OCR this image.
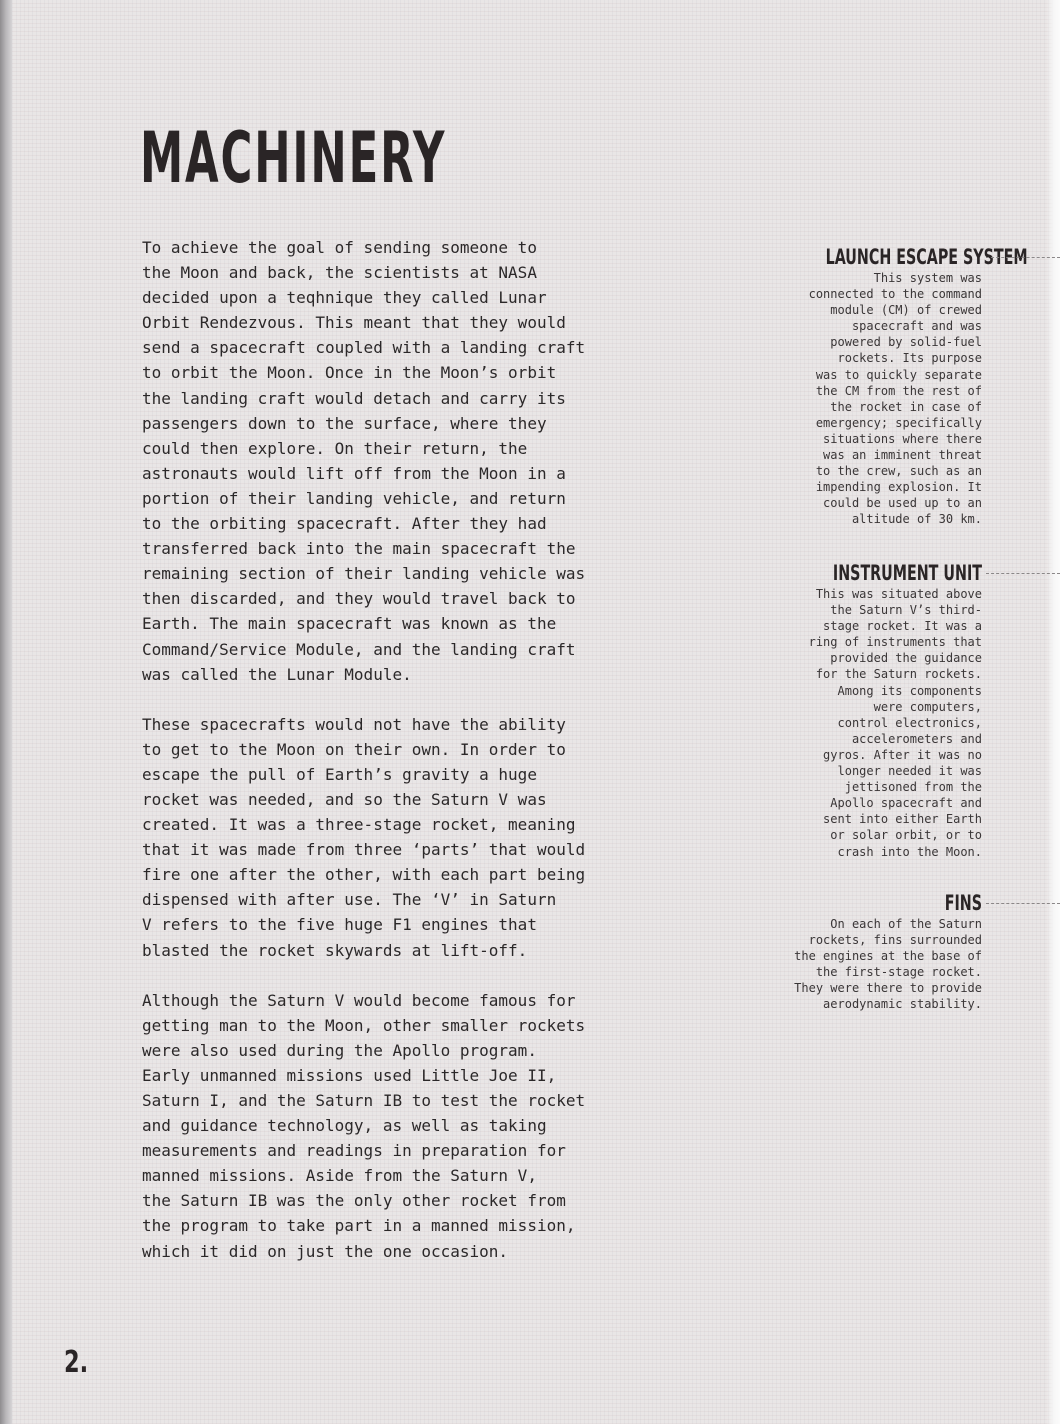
MACHINERY

To achieve the goal of sending someone to
the Moon and back, the scientists at NASA
decided upon a teqhnique they called Lunar
Orbit Rendezvous. This meant that they would
send a spacecraft coupled with a landing craft
to orbit the Moon. Once in the Moon’s orbit
the landing craft would detach and carry its
passengers down to the surface, where they
could then explore. On their return, the
astronauts would lift off from the Moon in a
portion of their landing vehicle, and return
to the orbiting spacecraft. After they had
transferred back into the main spacecraft the
remaining section of their landing vehicle was
then discarded, and they would travel back to
Earth. The main spacecraft was known as the
Command/Service Module, and the landing craft
was called the Lunar Module.

These spacecrafts would not have the ability
to get to the Moon on their own. In order to
escape the pull of Earth’s gravity a huge
rocket was needed, and so the Saturn V was
created. It was a three-stage rocket, meaning
that it was made from three ‘parts’ that would
fire one after the other, with each part being
dispensed with after use. The ‘V’ in Saturn
V refers to the five huge F1 engines that
blasted the rocket skywards at lift-off.

Although the Saturn V would become famous for
getting man to the Moon, other smaller rockets
were also used during the Apollo program.
Early unmanned missions used Little Joe II,
Saturn I, and the Saturn IB to test the rocket
and guidance technology, as well as taking
measurements and readings in preparation for
manned missions. Aside from the Saturn V,
the Saturn IB was the only other rocket from
the program to take part in a manned mission,
which it did on just the one occasion.

LAUNCH ESCAPE SYSTEM

This system was
connected to the command
module (CM) of crewed
spacecraft and was
powered by solid-fuel
rockets. Its purpose
was to quickly separate
the CM from the rest of
the rocket in case of
emergency; specifically
situations where there
was an imminent threat
to the crew, such as an
impending explosion. It
could be used up to an
altitude of 30 km.

INSTRUMENT UNIT

This was situated above
the Saturn V’s third-
stage rocket. It was a
ring of instruments that
provided the guidance
for the Saturn rockets.
Among its components
were computers,
control electronics,
accelerometers and
gyros. After it was no
longer needed it was
jettisoned from the
Apollo spacecraft and
sent into either Earth
or solar orbit, or to
crash into the Moon.

FINS

On each of the Saturn
rockets, fins surrounded
the engines at the base of
the first-stage rocket.
They were there to provide
aerodynamic stability.

2.
